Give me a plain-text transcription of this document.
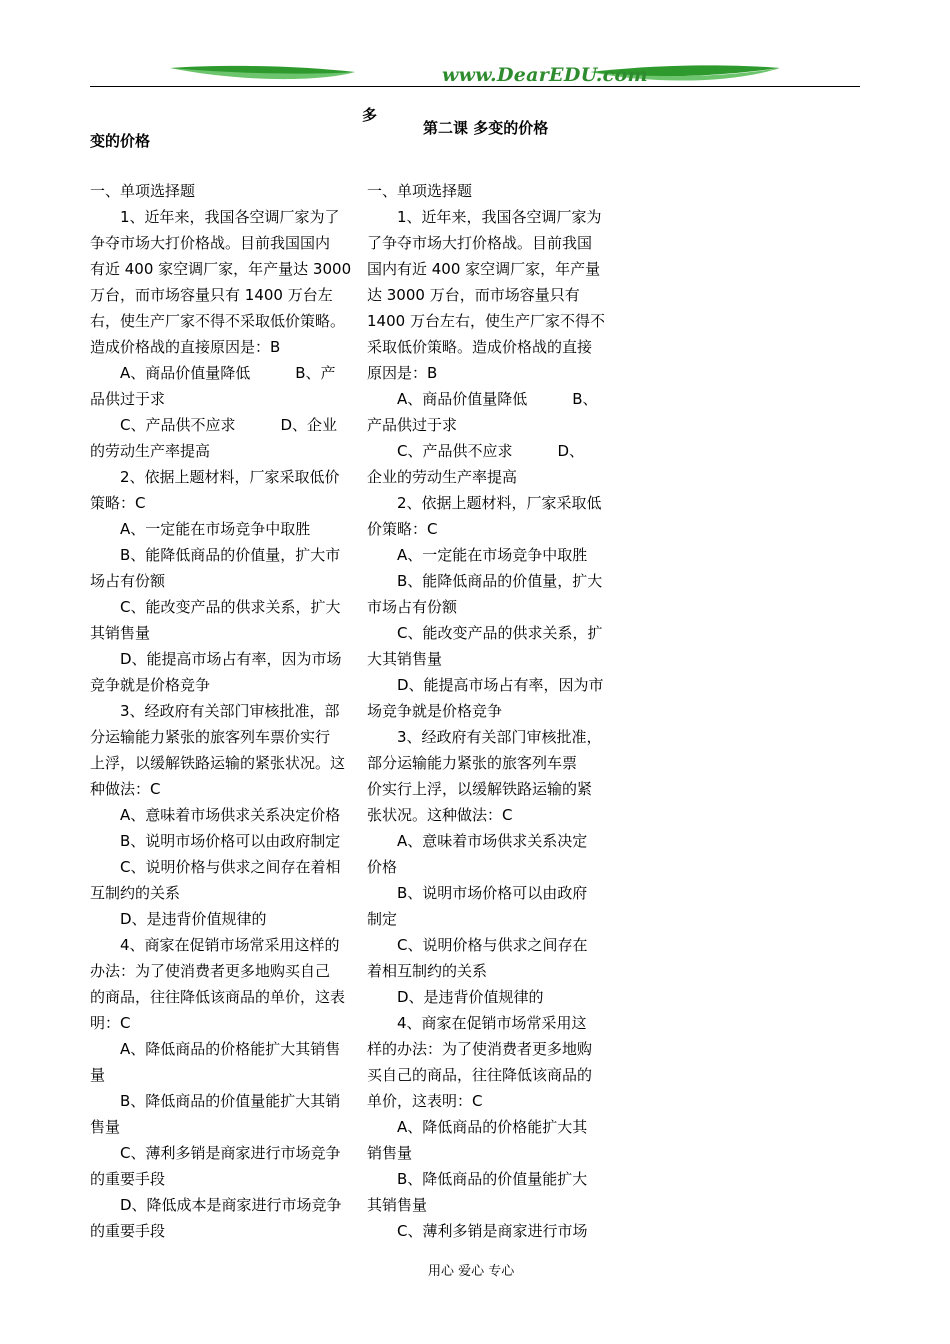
www.DearEDU.com
多
变的价格
第二课 多变的价格
一、单项选择题
　　1、近年来，我国各空调厂家为了
争夺市场大打价格战。目前我国国内
有近 400 家空调厂家，年产量达 3000
万台，而市场容量只有 1400 万台左
右，使生产厂家不得不采取低价策略。
造成价格战的直接原因是：B
　　A、商品价值量降低　　　B、产
品供过于求
　　C、产品供不应求　　　D、企业
的劳动生产率提高
　　2、依据上题材料，厂家采取低价
策略：C
　　A、一定能在市场竞争中取胜
　　B、能降低商品的价值量，扩大市
场占有份额
　　C、能改变产品的供求关系，扩大
其销售量
　　D、能提高市场占有率，因为市场
竞争就是价格竞争
　　3、经政府有关部门审核批准，部
分运输能力紧张的旅客列车票价实行
上浮，以缓解铁路运输的紧张状况。这
种做法：C
　　A、意味着市场供求关系决定价格
　　B、说明市场价格可以由政府制定
　　C、说明价格与供求之间存在着相
互制约的关系
　　D、是违背价值规律的
　　4、商家在促销市场常采用这样的
办法：为了使消费者更多地购买自己
的商品，往往降低该商品的单价，这表
明：C
　　A、降低商品的价格能扩大其销售
量
　　B、降低商品的价值量能扩大其销
售量
　　C、薄利多销是商家进行市场竞争
的重要手段
　　D、降低成本是商家进行市场竞争
的重要手段
一、单项选择题
　　1、近年来，我国各空调厂家为
了争夺市场大打价格战。目前我国
国内有近 400 家空调厂家，年产量
达 3000 万台，而市场容量只有
1400 万台左右，使生产厂家不得不
采取低价策略。造成价格战的直接
原因是：B
　　A、商品价值量降低　　　B、
产品供过于求
　　C、产品供不应求　　　D、
企业的劳动生产率提高
　　2、依据上题材料，厂家采取低
价策略：C
　　A、一定能在市场竞争中取胜
　　B、能降低商品的价值量，扩大
市场占有份额
　　C、能改变产品的供求关系，扩
大其销售量
　　D、能提高市场占有率，因为市
场竞争就是价格竞争
　　3、经政府有关部门审核批准，
部分运输能力紧张的旅客列车票
价实行上浮，以缓解铁路运输的紧
张状况。这种做法：C
　　A、意味着市场供求关系决定
价格
　　B、说明市场价格可以由政府
制定
　　C、说明价格与供求之间存在
着相互制约的关系
　　D、是违背价值规律的
　　4、商家在促销市场常采用这
样的办法：为了使消费者更多地购
买自己的商品，往往降低该商品的
单价，这表明：C
　　A、降低商品的价格能扩大其
销售量
　　B、降低商品的价值量能扩大
其销售量
　　C、薄利多销是商家进行市场
用心 爱心 专心
